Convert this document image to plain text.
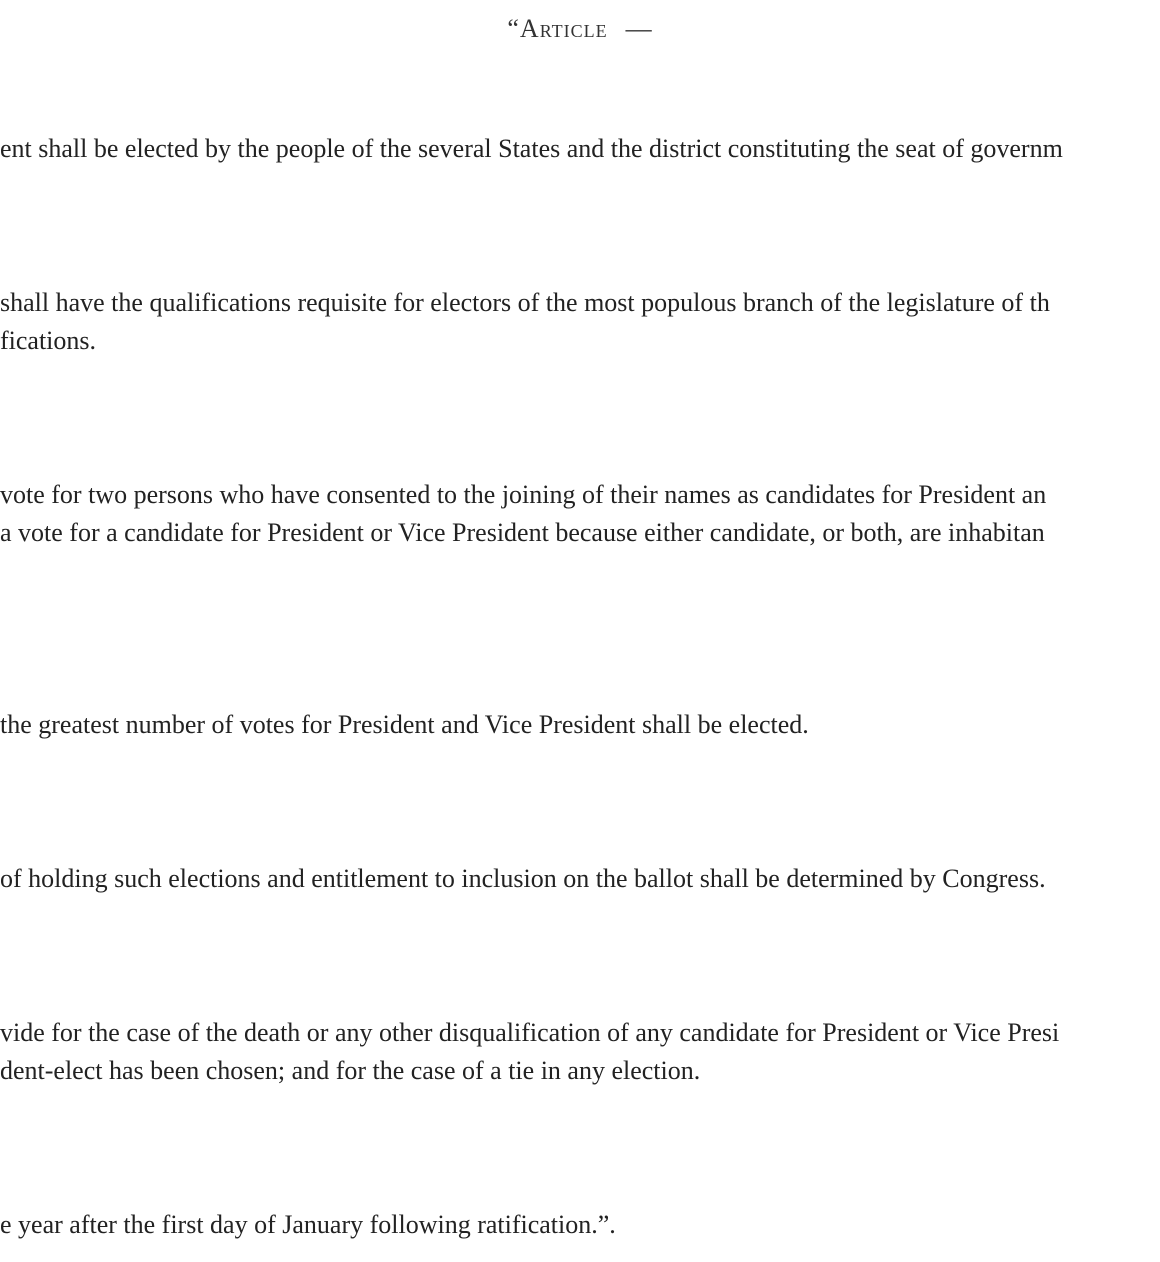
“Article —
ent shall be elected by the people of the several States and the district constituting the seat of governm
shall have the qualifications requisite for electors of the most populous branch of the legislature of th
fications.
vote for two persons who have consented to the joining of their names as candidates for President an
a vote for a candidate for President or Vice President because either candidate, or both, are inhabitan
the greatest number of votes for President and Vice President shall be elected.
of holding such elections and entitlement to inclusion on the ballot shall be determined by Congress.
vide for the case of the death or any other disqualification of any candidate for President or Vice Presi
dent-elect has been chosen; and for the case of a tie in any election.
e year after the first day of January following ratification.”.
